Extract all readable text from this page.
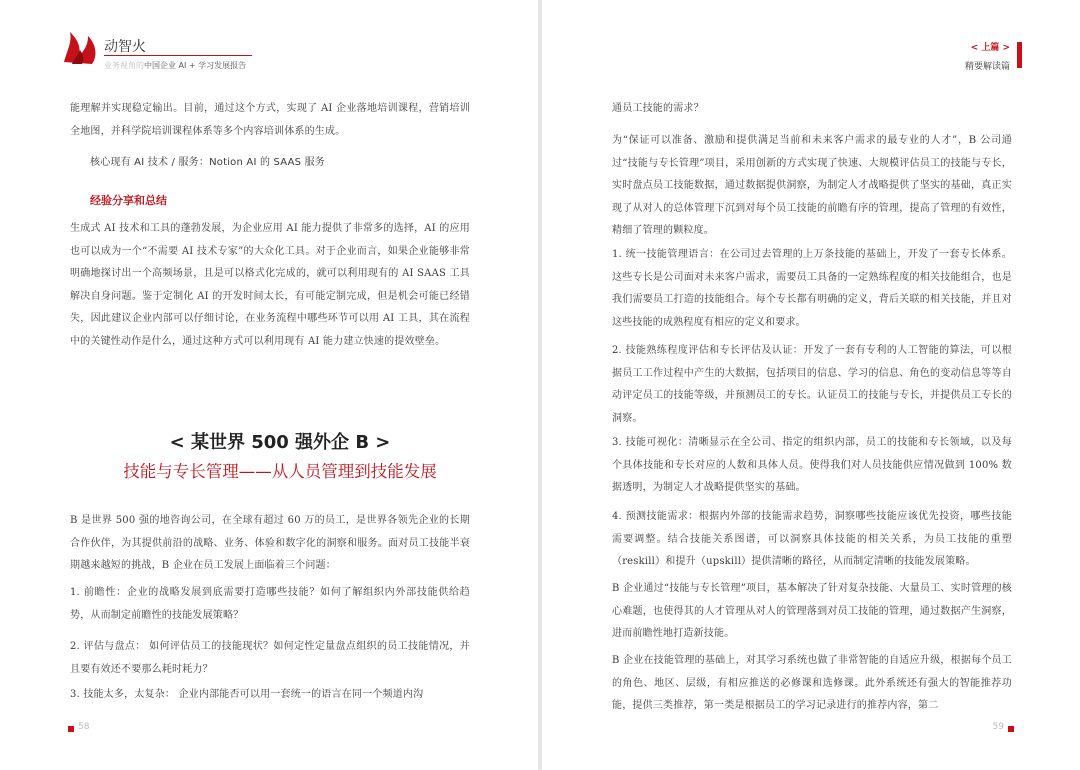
动智火
业务视角的中国企业 AI + 学习发展报告
能理解并实现稳定输出。目前，通过这个方式，实现了 AI 企业落地培训课程，营销培训全地图，并科学院培训课程体系等多个内容培训体系的生成。
核心现有 AI 技术 / 服务：Notion AI 的 SAAS 服务
经验分享和总结
生成式 AI 技术和工具的蓬勃发展，为企业应用 AI 能力提供了非常多的选择，AI 的应用也可以成为一个“不需要 AI 技术专家”的大众化工具。对于企业而言，如果企业能够非常明确地探讨出一个高频场景，且是可以格式化完成的，就可以利用现有的 AI SAAS 工具解决自身问题。鉴于定制化 AI 的开发时间太长，有可能定制完成，但是机会可能已经错失，因此建议企业内部可以仔细讨论，在业务流程中哪些环节可以用 AI 工具，其在流程中的关键性动作是什么，通过这种方式可以利用现有 AI 能力建立快速的提效壁垒。
< 某世界 500 强外企 B >
技能与专长管理——从人员管理到技能发展
B 是世界 500 强的地咨询公司，在全球有超过 60 万的员工，是世界各领先企业的长期合作伙伴，为其提供前沿的战略、业务、体验和数字化的洞察和服务。面对员工技能半衰期越来越短的挑战，B 企业在员工发展上面临着三个问题：
1. 前瞻性：企业的战略发展到底需要打造哪些技能？如何了解组织内外部技能供给趋势，从而制定前瞻性的技能发展策略？
2. 评估与盘点： 如何评估员工的技能现状？如何定性定量盘点组织的员工技能情况，并且要有效还不要那么耗时耗力？
3. 技能太多，太复杂： 企业内部能否可以用一套统一的语言在同一个频道内沟
58
< 上篇 >
精要解读篇
通员工技能的需求？
为“保证可以准备、激励和提供满足当前和未来客户需求的最专业的人才”，B 公司通过“技能与专长管理”项目，采用创新的方式实现了快速、大规模评估员工的技能与专长，实时盘点员工技能数据，通过数据提供洞察，为制定人才战略提供了坚实的基础，真正实现了从对人的总体管理下沉到对每个员工技能的前瞻有序的管理，提高了管理的有效性，精细了管理的颗粒度。
1. 统一技能管理语言：在公司过去管理的上万条技能的基础上，开发了一套专长体系。这些专长是公司面对未来客户需求，需要员工具备的一定熟练程度的相关技能组合，也是我们需要员工打造的技能组合。每个专长都有明确的定义，背后关联的相关技能，并且对这些技能的成熟程度有相应的定义和要求。
2. 技能熟练程度评估和专长评估及认证：开发了一套有专利的人工智能的算法，可以根据员工工作过程中产生的大数据，包括项目的信息、学习的信息、角色的变动信息等等自动评定员工的技能等级，并预测员工的专长。认证员工的技能与专长，并提供员工专长的洞察。
3. 技能可视化：清晰显示在全公司、指定的组织内部，员工的技能和专长领域，以及每个具体技能和专长对应的人数和具体人员。使得我们对人员技能供应情况做到 100% 数据透明，为制定人才战略提供坚实的基础。
4. 预测技能需求：根据内外部的技能需求趋势，洞察哪些技能应该优先投资，哪些技能需要调整。结合技能关系图谱，可以洞察具体技能的相关关系，为员工技能的重塑（reskill）和提升（upskill）提供清晰的路径，从而制定清晰的技能发展策略。
B 企业通过“技能与专长管理”项目，基本解决了针对复杂技能、大量员工、实时管理的核心难题，也使得其的人才管理从对人的管理落到对员工技能的管理，通过数据产生洞察，进而前瞻性地打造新技能。
B 企业在技能管理的基础上，对其学习系统也做了非常智能的自适应升级，根据每个员工的角色、地区、层级，有相应推送的必修课和选修课。此外系统还有强大的智能推荐功能，提供三类推荐，第一类是根据员工的学习记录进行的推荐内容，第二
59
